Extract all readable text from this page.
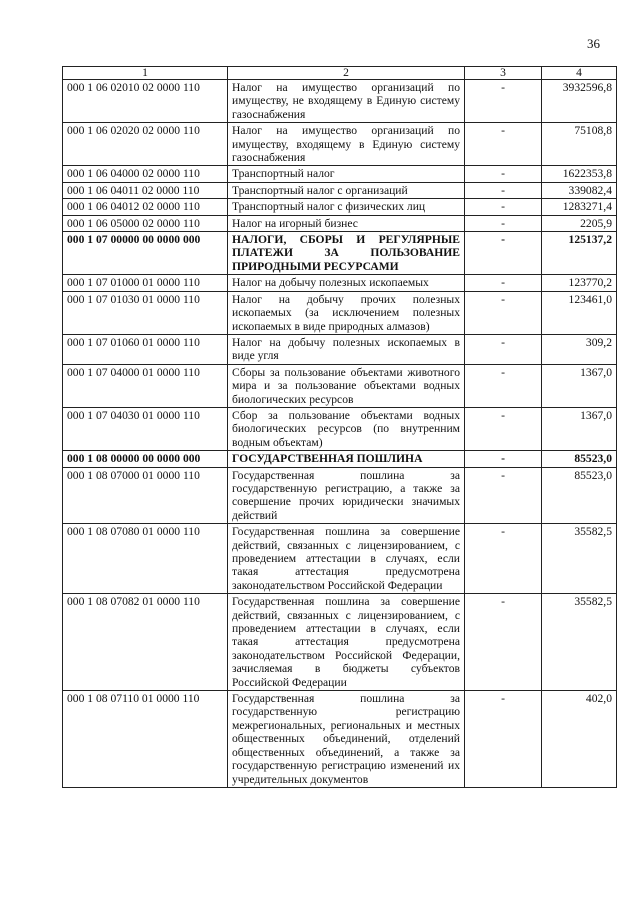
36
1	2	3	4
000 1 06 02010 02 0000 110	Налог на имущество организаций по имуществу, не входящему в Единую систему газоснабжения	-	3932596,8
000 1 06 02020 02 0000 110	Налог на имущество организаций по имуществу, входящему в Единую систему газоснабжения	-	75108,8
000 1 06 04000 02 0000 110	Транспортный налог	-	1622353,8
000 1 06 04011 02 0000 110	Транспортный налог с организаций	-	339082,4
000 1 06 04012 02 0000 110	Транспортный налог с физических лиц	-	1283271,4
000 1 06 05000 02 0000 110	Налог на игорный бизнес	-	2205,9
000 1 07 00000 00 0000 000	НАЛОГИ, СБОРЫ И РЕГУЛЯРНЫЕ ПЛАТЕЖИ ЗА ПОЛЬЗОВАНИЕ ПРИРОДНЫМИ РЕСУРСАМИ	-	125137,2
000 1 07 01000 01 0000 110	Налог на добычу полезных ископаемых	-	123770,2
000 1 07 01030 01 0000 110	Налог на добычу прочих полезных ископаемых (за исключением полезных ископаемых в виде природных алмазов)	-	123461,0
000 1 07 01060 01 0000 110	Налог на добычу полезных ископаемых в виде угля	-	309,2
000 1 07 04000 01 0000 110	Сборы за пользование объектами животного мира и за пользование объектами водных биологических ресурсов	-	1367,0
000 1 07 04030 01 0000 110	Сбор за пользование объектами водных биологических ресурсов (по внутренним водным объектам)	-	1367,0
000 1 08 00000 00 0000 000	ГОСУДАРСТВЕННАЯ ПОШЛИНА	-	85523,0
000 1 08 07000 01 0000 110	Государственная пошлина за государственную регистрацию, а также за совершение прочих юридически значимых действий	-	85523,0
000 1 08 07080 01 0000 110	Государственная пошлина за совершение действий, связанных с лицензированием, с проведением аттестации в случаях, если такая аттестация предусмотрена законодательством Российской Федерации	-	35582,5
000 1 08 07082 01 0000 110	Государственная пошлина за совершение действий, связанных с лицензированием, с проведением аттестации в случаях, если такая аттестация предусмотрена законодательством Российской Федерации, зачисляемая в бюджеты субъектов Российской Федерации	-	35582,5
000 1 08 07110 01 0000 110	Государственная пошлина за государственную регистрацию межрегиональных, региональных и местных общественных объединений, отделений общественных объединений, а также за государственную регистрацию изменений их учредительных документов	-	402,0
